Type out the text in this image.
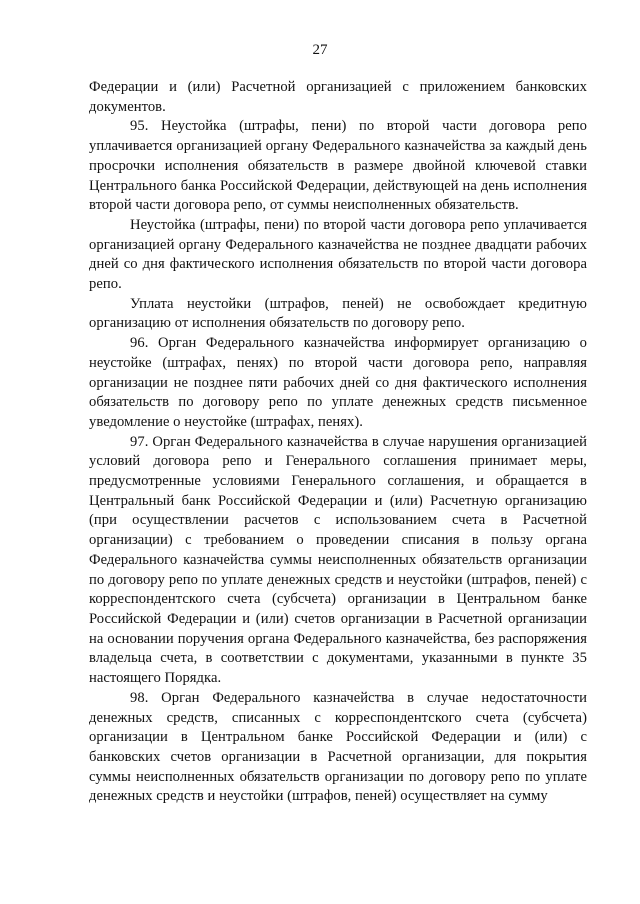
27

Федерации и (или) Расчетной организацией с приложением банковских документов.

95. Неустойка (штрафы, пени) по второй части договора репо уплачивается организацией органу Федерального казначейства за каждый день просрочки исполнения обязательств в размере двойной ключевой ставки Центрального банка Российской Федерации, действующей на день исполнения второй части договора репо, от суммы неисполненных обязательств.

Неустойка (штрафы, пени) по второй части договора репо уплачивается организацией органу Федерального казначейства не позднее двадцати рабочих дней со дня фактического исполнения обязательств по второй части договора репо.

Уплата неустойки (штрафов, пеней) не освобождает кредитную организацию от исполнения обязательств по договору репо.

96. Орган Федерального казначейства информирует организацию о неустойке (штрафах, пенях) по второй части договора репо, направляя организации не позднее пяти рабочих дней со дня фактического исполнения обязательств по договору репо по уплате денежных средств письменное уведомление о неустойке (штрафах, пенях).

97. Орган Федерального казначейства в случае нарушения организацией условий договора репо и Генерального соглашения принимает меры, предусмотренные условиями Генерального соглашения, и обращается в Центральный банк Российской Федерации и (или) Расчетную организацию (при осуществлении расчетов с использованием счета в Расчетной организации) с требованием о проведении списания в пользу органа Федерального казначейства суммы неисполненных обязательств организации по договору репо по уплате денежных средств и неустойки (штрафов, пеней) с корреспондентского счета (субсчета) организации в Центральном банке Российской Федерации и (или) счетов организации в Расчетной организации на основании поручения органа Федерального казначейства, без распоряжения владельца счета, в соответствии с документами, указанными в пункте 35 настоящего Порядка.

98. Орган Федерального казначейства в случае недостаточности денежных средств, списанных с корреспондентского счета (субсчета) организации в Центральном банке Российской Федерации и (или) с банковских счетов организации в Расчетной организации, для покрытия суммы неисполненных обязательств организации по договору репо по уплате денежных средств и неустойки (штрафов, пеней) осуществляет на сумму
